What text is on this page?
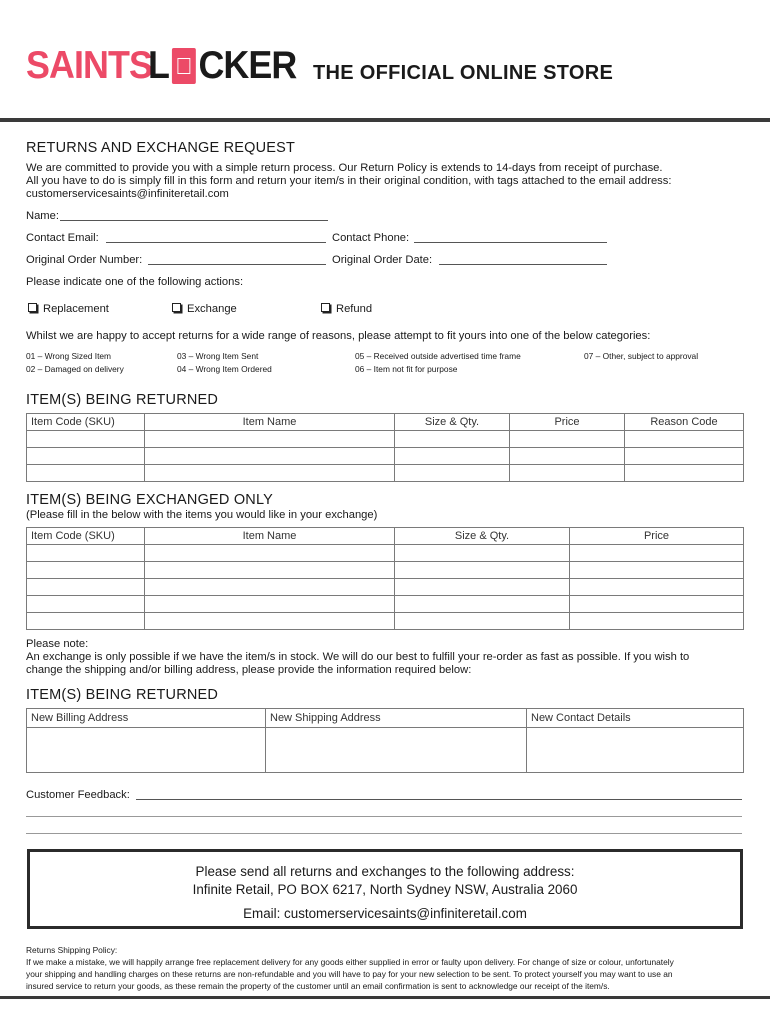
SAINTS
L CKER THE OFFICIAL ONLINE STORE
RETURNS AND EXCHANGE REQUEST
We are committed to provide you with a simple return process. Our Return Policy is extends to 14-days from receipt of purchase.
All you have to do is simply fill in this form and return your item/s in their original condition, with tags attached to the email address:
customerservicesaints@infiniteretail.com
Name:
Contact Email:	Contact Phone:
Original Order Number:	Original Order Date:
Please indicate one of the following actions:
Replacement	Exchange	Refund
Whilst we are happy to accept returns for a wide range of reasons, please attempt to fit yours into one of the below categories:
01 – Wrong Sized Item
02 – Damaged on delivery
03 – Wrong Item Sent
04 – Wrong Item Ordered
05 – Received outside advertised time frame
06 – Item not fit for purpose
07 – Other, subject to approval
ITEM(S) BEING RETURNED
Item Code (SKU)	Item Name	Size & Qty.	Price	Reason Code

ITEM(S) BEING EXCHANGED ONLY
(Please fill in the below with the items you would like in your exchange)
Item Code (SKU)	Item Name	Size & Qty.	Price

Please note:
An exchange is only possible if we have the item/s in stock. We will do our best to fulfill your re-order as fast as possible. If you wish to
change the shipping and/or billing address, please provide the information required below:
ITEM(S) BEING RETURNED
New Billing Address	New Shipping Address	New Contact Details

Customer Feedback:
Please send all returns and exchanges to the following address:
Infinite Retail, PO BOX 6217, North Sydney NSW, Australia 2060
Email: customerservicesaints@infiniteretail.com
Returns Shipping Policy:
If we make a mistake, we will happily arrange free replacement delivery for any goods either supplied in error or faulty upon delivery. For change of size or colour, unfortunately
your shipping and handling charges on these returns are non-refundable and you will have to pay for your new selection to be sent. To protect yourself you may want to use an
insured service to return your goods, as these remain the property of the customer until an email confirmation is sent to acknowledge our receipt of the item/s.
